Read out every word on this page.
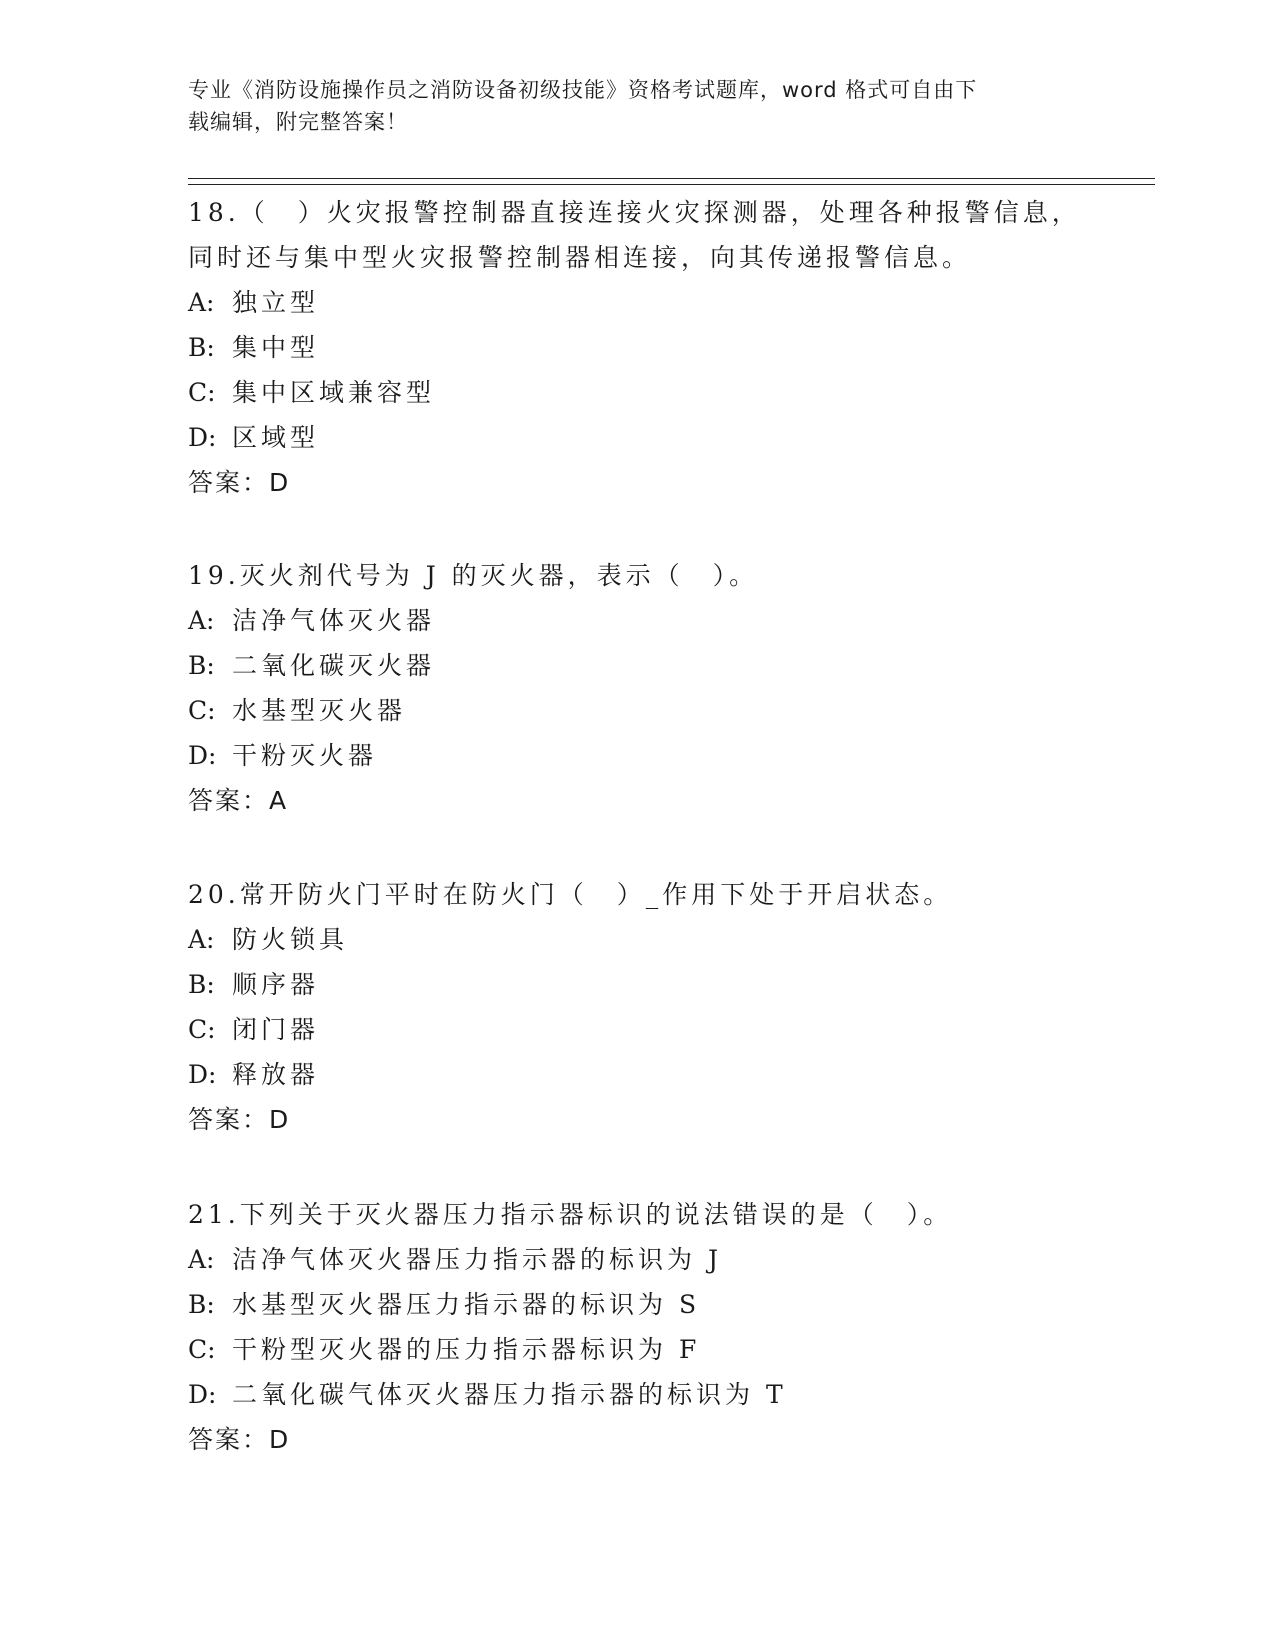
专业《消防设施操作员之消防设备初级技能》资格考试题库，word 格式可自由下
载编辑，附完整答案！
18.（　）火灾报警控制器直接连接火灾探测器，处理各种报警信息，
同时还与集中型火灾报警控制器相连接，向其传递报警信息。
A: 独立型
B: 集中型
C: 集中区域兼容型
D: 区域型
答案：D
19.灭火剂代号为 J 的灭火器，表示（　）。
A: 洁净气体灭火器
B: 二氧化碳灭火器
C: 水基型灭火器
D: 干粉灭火器
答案：A
20.常开防火门平时在防火门（　）_作用下处于开启状态。
A: 防火锁具
B: 顺序器
C: 闭门器
D: 释放器
答案：D
21.下列关于灭火器压力指示器标识的说法错误的是（　）。
A: 洁净气体灭火器压力指示器的标识为 J
B: 水基型灭火器压力指示器的标识为 S
C: 干粉型灭火器的压力指示器标识为 F
D: 二氧化碳气体灭火器压力指示器的标识为 T
答案：D
